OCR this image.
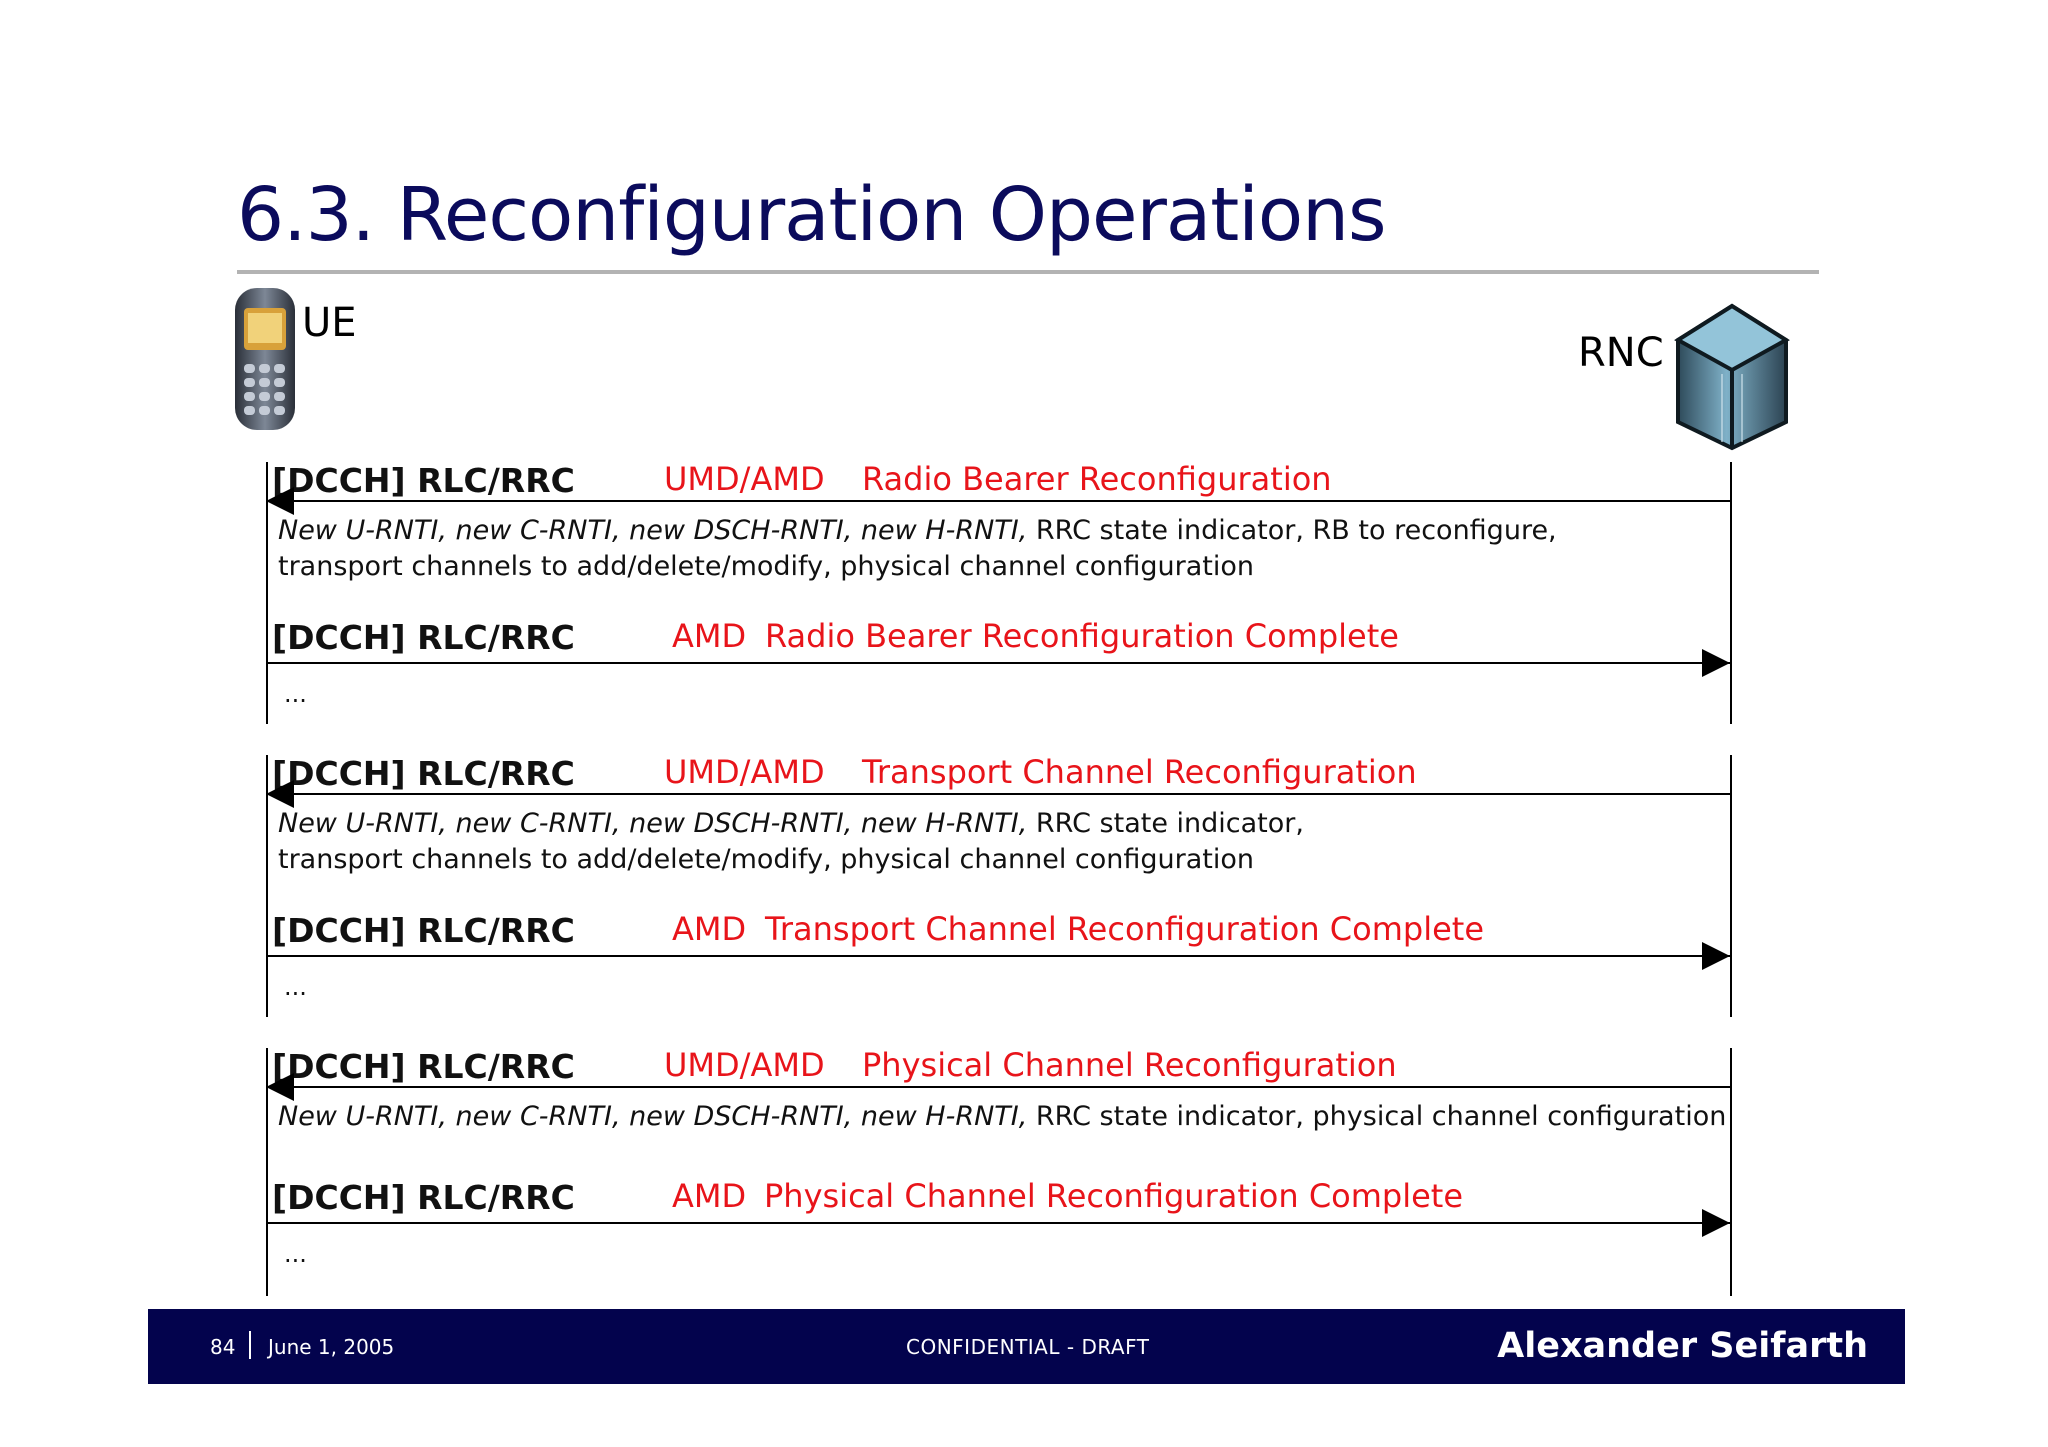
6.3. Reconfiguration Operations
UE
RNC
[DCCH] RLC/RRC	UMD/AMD Radio Bearer Reconfiguration
New U-RNTI, new C-RNTI, new DSCH-RNTI, new H-RNTI, RRC state indicator, RB to reconfigure,
transport channels to add/delete/modify, physical channel configuration
[DCCH] RLC/RRC	AMD Radio Bearer Reconfiguration Complete
...
[DCCH] RLC/RRC	UMD/AMD Transport Channel Reconfiguration
New U-RNTI, new C-RNTI, new DSCH-RNTI, new H-RNTI, RRC state indicator,
transport channels to add/delete/modify, physical channel configuration
[DCCH] RLC/RRC	AMD Transport Channel Reconfiguration Complete
...
[DCCH] RLC/RRC	UMD/AMD Physical Channel Reconfiguration
New U-RNTI, new C-RNTI, new DSCH-RNTI, new H-RNTI, RRC state indicator, physical channel configuration
[DCCH] RLC/RRC	AMD Physical Channel Reconfiguration Complete
...
84 June 1, 2005	CONFIDENTIAL - DRAFT	Alexander Seifarth
